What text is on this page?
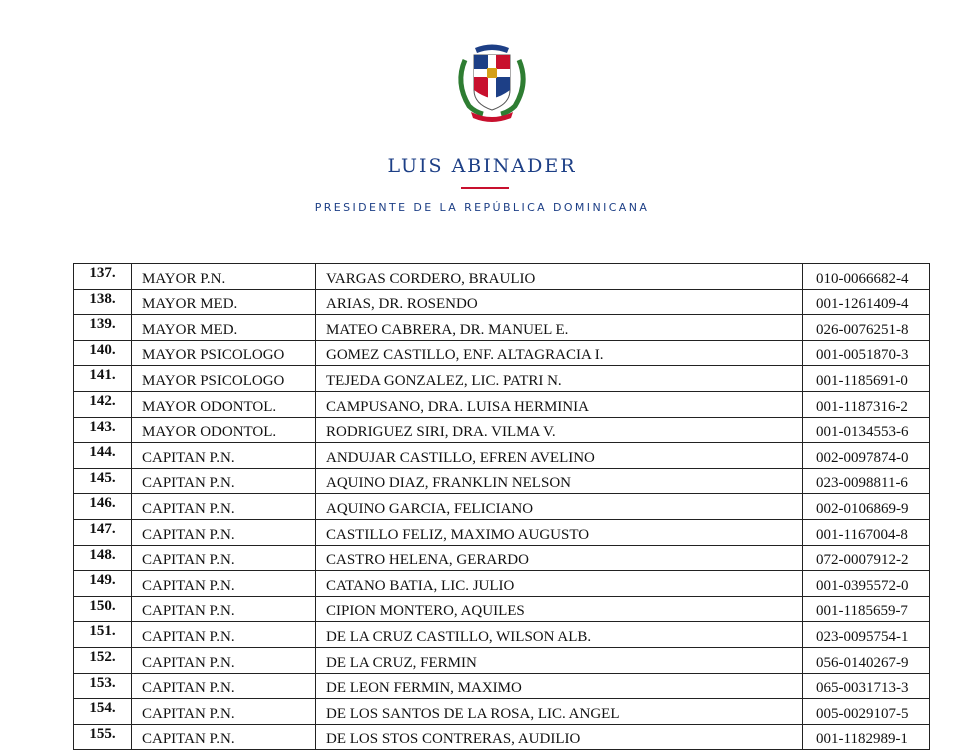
LUIS ABINADER
PRESIDENTE DE LA REPÚBLICA DOMINICANA
137.	MAYOR P.N.	VARGAS CORDERO, BRAULIO	010-0066682-4

138.	MAYOR MED.	ARIAS, DR. ROSENDO	001-1261409-4

139.	MAYOR MED.	MATEO CABRERA, DR. MANUEL E.	026-0076251-8

140.	MAYOR PSICOLOGO	GOMEZ CASTILLO, ENF. ALTAGRACIA I.	001-0051870-3

141.	MAYOR PSICOLOGO	TEJEDA GONZALEZ, LIC. PATRI N.	001-1185691-0

142.	MAYOR ODONTOL.	CAMPUSANO, DRA. LUISA HERMINIA	001-1187316-2

143.	MAYOR ODONTOL.	RODRIGUEZ SIRI, DRA. VILMA V.	001-0134553-6

144.	CAPITAN P.N.	ANDUJAR CASTILLO, EFREN AVELINO	002-0097874-0

145.	CAPITAN P.N.	AQUINO DIAZ, FRANKLIN NELSON	023-0098811-6

146.	CAPITAN P.N.	AQUINO GARCIA, FELICIANO	002-0106869-9

147.	CAPITAN P.N.	CASTILLO FELIZ, MAXIMO AUGUSTO	001-1167004-8

148.	CAPITAN P.N.	CASTRO HELENA, GERARDO	072-0007912-2

149.	CAPITAN P.N.	CATANO BATIA, LIC. JULIO	001-0395572-0

150.	CAPITAN P.N.	CIPION MONTERO, AQUILES	001-1185659-7

151.	CAPITAN P.N.	DE LA CRUZ CASTILLO, WILSON ALB.	023-0095754-1

152.	CAPITAN P.N.	DE LA CRUZ, FERMIN	056-0140267-9

153.	CAPITAN P.N.	DE LEON FERMIN, MAXIMO	065-0031713-3

154.	CAPITAN P.N.	DE LOS SANTOS DE LA ROSA, LIC. ANGEL	005-0029107-5

155.	CAPITAN P.N.	DE LOS STOS CONTRERAS, AUDILIO	001-1182989-1
